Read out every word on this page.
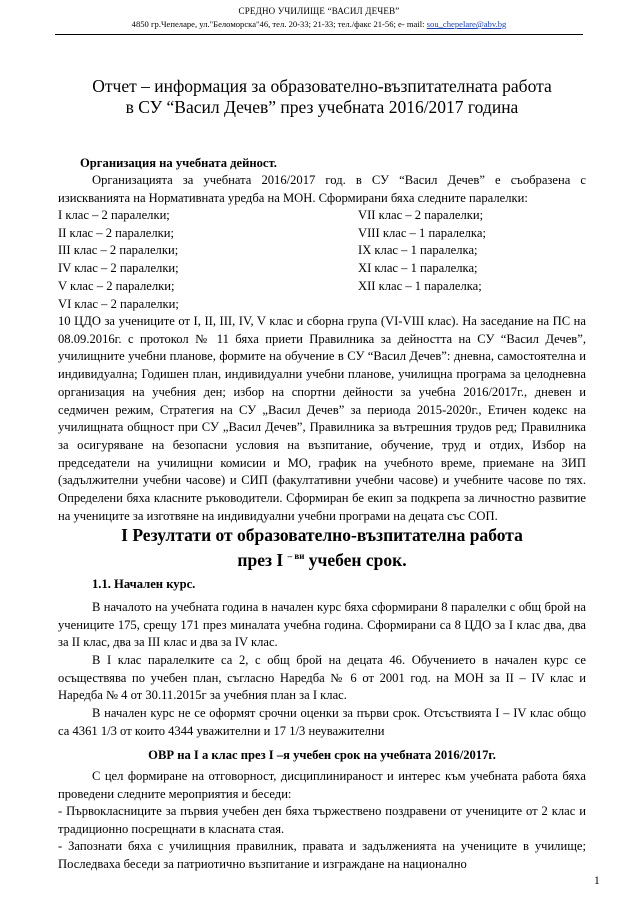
СРЕДНО УЧИЛИЩЕ “ВАСИЛ ДЕЧЕВ”
4850 гр.Чепеларе, ул."Беломорска"46, тел. 20-33; 21-33; тел./факс 21-56; е- mail: sou_chepelare@abv.bg
Отчет – информация за образователно-възпитателната работа
в СУ “Васил Дечев” през учебната 2016/2017 година
Организация на учебната дейност.
Организацията за учебната 2016/2017 год. в СУ “Васил Дечев” е съобразена с
изискванията на Нормативната уредба на МОН. Сформирани бяха следните паралелки:
I клас – 2 паралелки;	VII клас – 2 паралелки;
II клас – 2 паралелки;	VIII клас – 1 паралелка;
III клас – 2 паралелки;	IX клас – 1 паралелка;
IV клас – 2 паралелки;	XI клас – 1 паралелка;
V клас – 2 паралелки;	XII клас – 1 паралелка;
VI клас – 2 паралелки;
10 ЦДО за учениците от I, II, III, IV, V клас и сборна група (VI-VIII клас). На заседание на ПС на 08.09.2016г. с протокол № 11 бяха приети Правилника за дейността на СУ “Васил Дечев”, училищните учебни планове, формите на обучение в СУ “Васил Дечев”: дневна, самостоятелна и индивидуална; Годишен план, индивидуални учебни планове, училищна програма за целодневна организация на учебния ден; избор на спортни дейности за учебна 2016/2017г., дневен и седмичен режим, Стратегия на СУ „Васил Дечев” за периода 2015-2020г., Етичен кодекс на училищната общност при СУ „Васил Дечев”, Правилника за вътрешния трудов ред; Правилника за осигуряване на безопасни условия на възпитание, обучение, труд и отдих, Избор на председатели на училищни комисии и МО, график на учебното време, приемане на ЗИП (задължителни учебни часове) и СИП (факултативни учебни часове) и учебните часове по тях. Определени бяха класните ръководители. Сформиран бе екип за подкрепа за личностно развитие на учениците за изготвяне на индивидуални учебни програми на децата със СОП.
I Резултати от образователно-възпитателна работа
през I $^{- ви}$ учебен срок.
1.1. Начален курс.
В началото на учебната година в начален курс бяха сформирани 8 паралелки с общ брой на учениците 175, срещу 171 през миналата учебна година. Сформирани са 8 ЦДО за I клас два, два за II клас, два за III клас и два за IV клас.
В I клас паралелките са 2, с общ брой на децата 46. Обучението в начален курс се осъществява по учебен план, съгласно Наредба № 6 от 2001 год. на МОН за II – IV клас и Наредба № 4 от 30.11.2015г за учебния план за I клас.
В начален курс не се оформят срочни оценки за първи срок. Отсъствията I – IV клас общо са 4361 1/3 от които 4344 уважителни и 17 1/3 неуважителни
ОВР на I а клас през I –я учебен срок на учебната 2016/2017г.
С цел формиране на отговорност, дисциплинираност и интерес към учебната работа бяха проведени следните мероприятия и беседи:
- Първокласниците за първия учебен ден бяха тържествено поздравени от учениците от 2 клас и традиционно посрещнати в класната стая.
- Запознати бяха с училищния правилник, правата и задълженията на учениците в училище; Последваха беседи за патриотично възпитание и изграждане на национално
1
